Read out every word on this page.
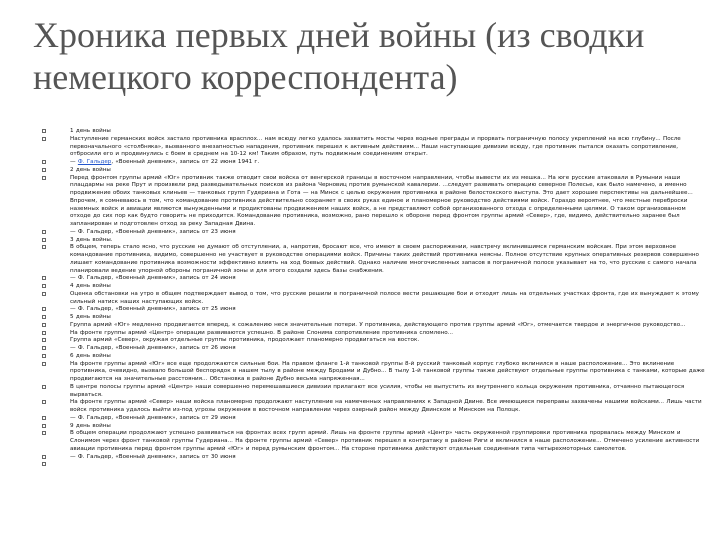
Хроника первых дней войны (из сводки немецкого корреспондента)
1 день войны
Наступление германских войск застало противника врасплох... нам всюду легко удалось захватить мосты через водные преграды и прорвать пограничную полосу укреплений на всю глубину... После первоначального «столбняка», вызванного внезапностью нападения, противник перешел к активным действиям... Наши наступающие дивизии всюду, где противник пытался оказать сопротивление, отбросили его и продвинулись с боем в среднем на 10-12 км! Таким образом, путь подвижным соединениям открыт.
— Ф. Гальдер, «Военный дневник», запись от 22 июня 1941 г.
2 день войны
Перед фронтом группы армий «Юг» противник также отводит свои войска от венгерской границы в восточном направлении, чтобы вывести их из мешка... На юге русские атаковали в Румынии наши плацдармы на реке Прут и произвели ряд разведывательных поисков из района Черновиц против румынской кавалерии. ...следует развивать операцию северное Полесье, как было намечено, а именно продвижение обоих танковых клиньев — танковых групп Гудериана и Гота — на Минск с целью окружения противника в районе белостокского выступа. Это дает хорошие перспективы на дальнейшее... Впрочем, я сомневаюсь в том, что командование противника действительно сохраняет в своих руках единое и планомерное руководство действиями войск. Гораздо вероятнее, что местные переброски наземных войск и авиации являются вынужденными и продиктованы продвижением наших войск, а не представляют собой организованного отхода с определенными целями. О таком организованном отходе до сих пор как будто говорить не приходится. Командование противника, возможно, рано перешло к обороне перед фронтом группы армий «Север», где, видимо, действительно заранее был запланирован и подготовлен отход за реку Западная Двина.
— Ф. Гальдер, «Военный дневник», запись от 23 июня
3 день войны.
В общем, теперь стало ясно, что русские не думают об отступлении, а, напротив, бросают все, что имеют в своем распоряжении, навстречу вклинившимся германским войскам. При этом верховное командование противника, видимо, совершенно не участвует в руководстве операциями войск. Причины таких действий противника неясны. Полное отсутствие крупных оперативных резервов совершенно лишает командование противника возможности эффективно влиять на ход боевых действий. Однако наличие многочисленных запасов в пограничной полосе указывает на то, что русские с самого начала планировали ведение упорной обороны пограничной зоны и для этого создали здесь базы снабжения.
— Ф. Гальдер, «Военный дневник», запись от 24 июня
4 день войны
Оценка обстановки на утро в общем подтверждает вывод о том, что русские решили в пограничной полосе вести решающие бои и отходят лишь на отдельных участках фронта, где их вынуждает к этому сильный натиск наших наступающих войск.
— Ф. Гальдер, «Военный дневник», запись от 25 июня
5 день войны
Группа армий «Юг» медленно продвигается вперед, к сожалению неся значительные потери. У противника, действующего против группы армий «Юг», отмечается твердое и энергичное руководство...
На фронте группы армий «Центр» операции развиваются успешно. В районе Слонима сопротивление противника сломлено...
Группа армий «Север», окружая отдельные группы противника, продолжает планомерно продвигаться на восток.
— Ф. Гальдер, «Военный дневник», запись от 26 июня
6 день войны
На фронте группы армий «Юг» все еще продолжаются сильные бои. На правом фланге 1-й танковой группы 8-й русский танковый корпус глубоко вклинился в наше расположение... Это вклинение противника, очевидно, вызвало большой беспорядок в нашем тылу в районе между Бродами и Дубно... В тылу 1-й танковой группы также действуют отдельные группы противника с танками, которые даже продвигаются на значительные расстояния... Обстановка в районе Дубно весьма напряженная...
В центре полосы группы армий «Центр» наши совершенно перемешавшиеся дивизии прилагают все усилия, чтобы не выпустить из внутреннего кольца окружения противника, отчаянно пытающегося вырваться.
На фронте группы армий «Север» наши войска планомерно продолжают наступление на намеченных направлениях к Западной Двине. Все имеющиеся переправы захвачены нашими войсками... Лишь части войск противника удалось выйти из-под угрозы окружения в восточном направлении через озерный район между Двинском и Минском на Полоцк.
— Ф. Гальдер, «Военный дневник», запись от 29 июня
9 день войны
В общем операции продолжают успешно развиваться на фронтах всех групп армий. Лишь на фронте группы армий «Центр» часть окруженной группировки противника прорвалась между Минском и Слонимом через фронт танковой группы Гудериана... На фронте группы армий «Север» противник перешел в контратаку в районе Риги и вклинился в наше расположение... Отмечено усиление активности авиации противника перед фронтом группы армий «Юг» и перед румынским фронтом... На стороне противника действуют отдельные соединения типа четырехмоторных самолетов.
— Ф. Гальдер, «Военный дневник», запись от 30 июня
